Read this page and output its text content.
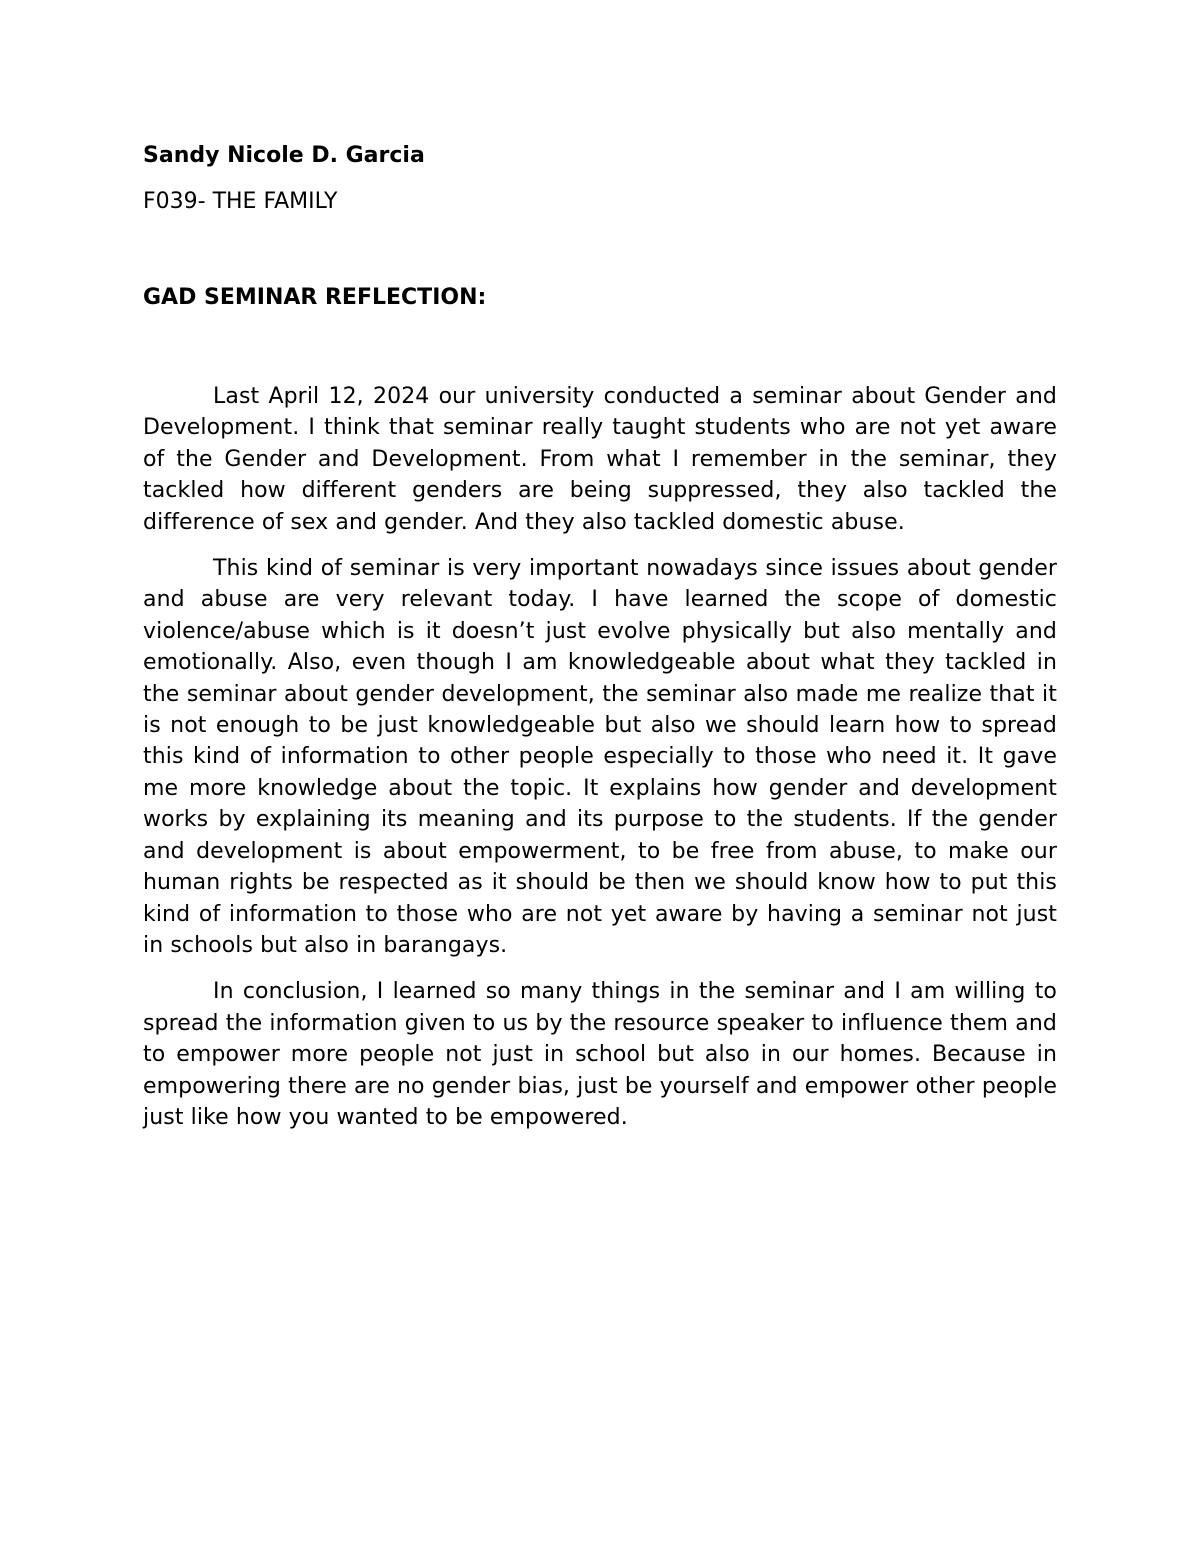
Sandy Nicole D. Garcia

F039- THE FAMILY

GAD SEMINAR REFLECTION:

Last April 12, 2024 our university conducted a seminar about Gender and Development. I think that seminar really taught students who are not yet aware of the Gender and Development. From what I remember in the seminar, they tackled how different genders are being suppressed, they also tackled the difference of sex and gender. And they also tackled domestic abuse.

This kind of seminar is very important nowadays since issues about gender and abuse are very relevant today. I have learned the scope of domestic violence/abuse which is it doesn’t just evolve physically but also mentally and emotionally. Also, even though I am knowledgeable about what they tackled in the seminar about gender development, the seminar also made me realize that it is not enough to be just knowledgeable but also we should learn how to spread this kind of information to other people especially to those who need it. It gave me more knowledge about the topic. It explains how gender and development works by explaining its meaning and its purpose to the students. If the gender and development is about empowerment, to be free from abuse, to make our human rights be respected as it should be then we should know how to put this kind of information to those who are not yet aware by having a seminar not just in schools but also in barangays.

In conclusion, I learned so many things in the seminar and I am willing to spread the information given to us by the resource speaker to influence them and to empower more people not just in school but also in our homes. Because in empowering there are no gender bias, just be yourself and empower other people just like how you wanted to be empowered.
